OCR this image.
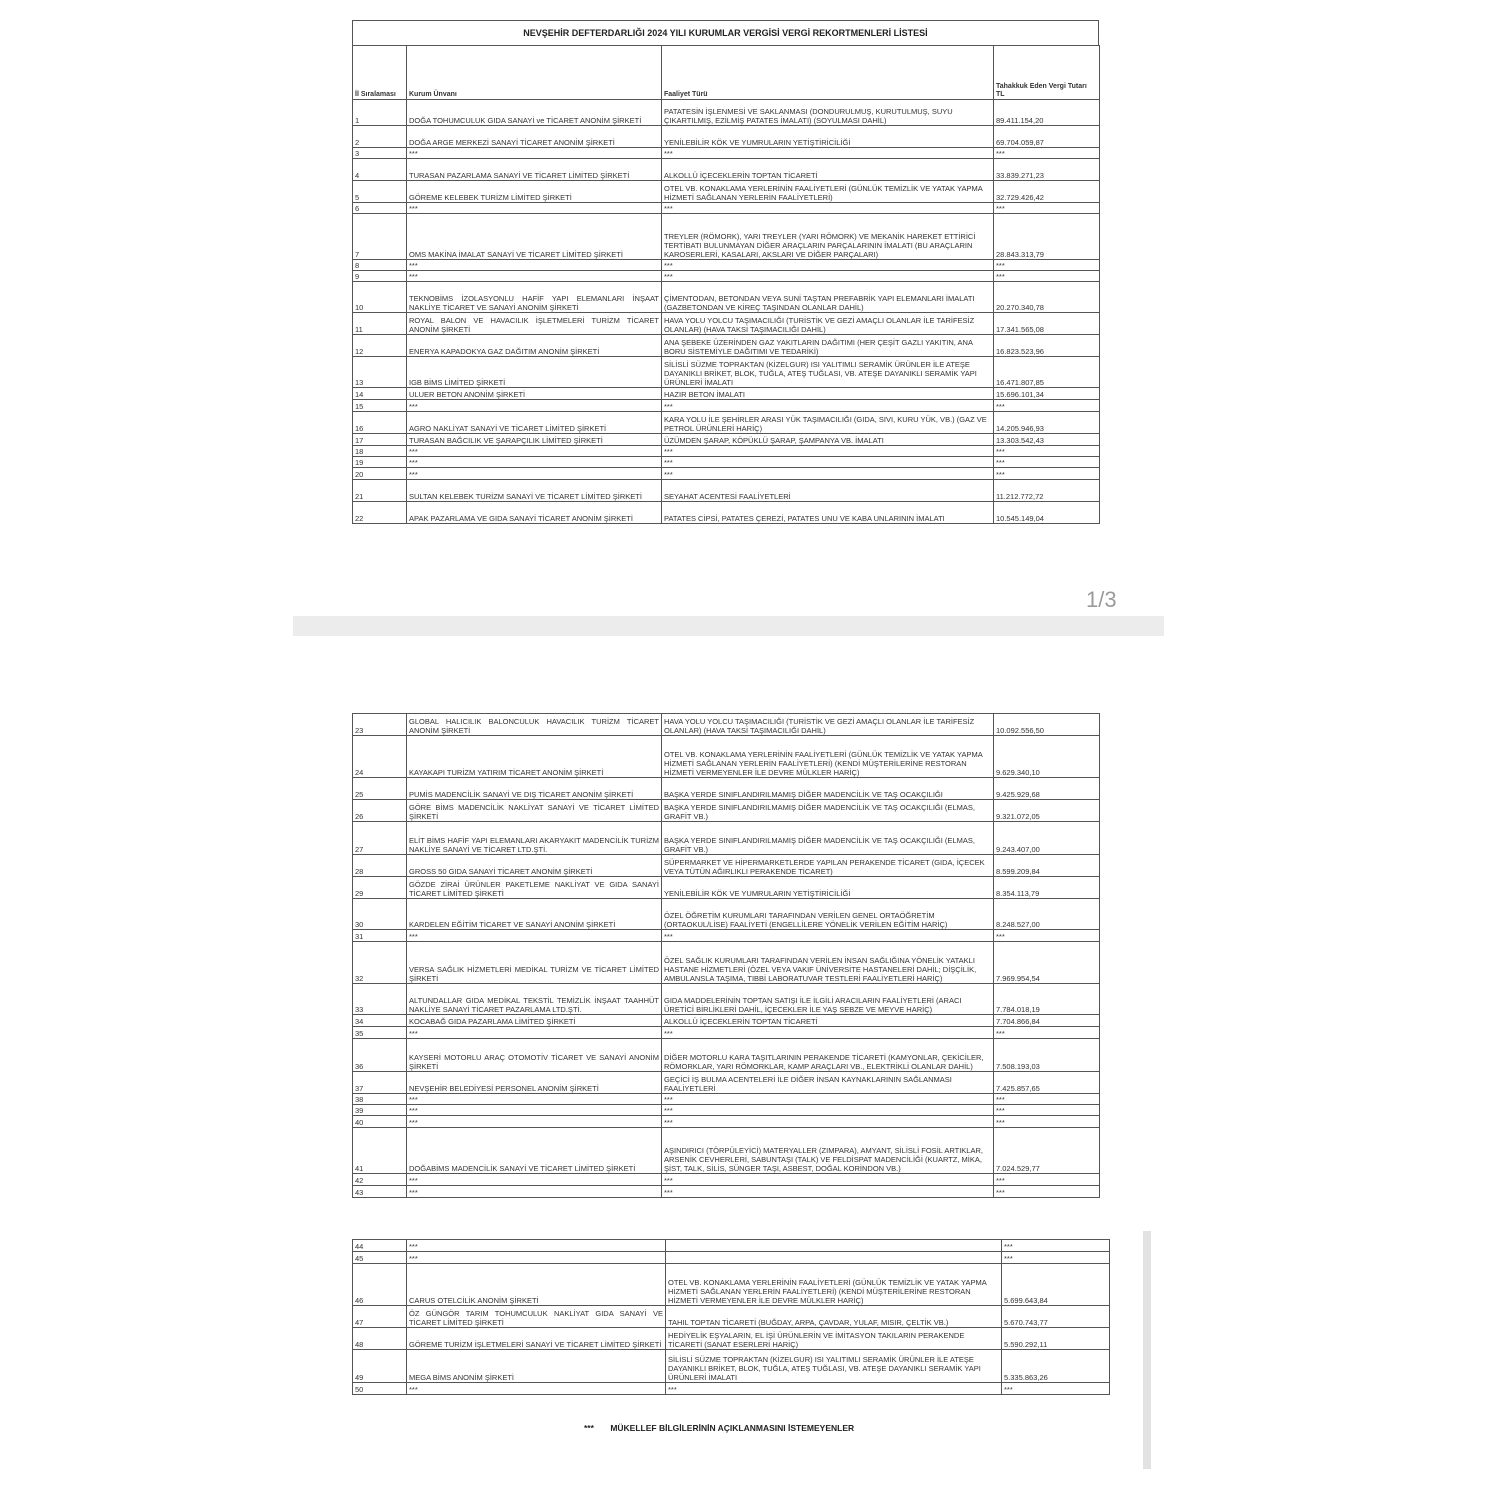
NEVŞEHİR DEFTERDARLIĞI 2024 YILI KURUMLAR VERGİSİ VERGİ REKORTMENLERİ LİSTESİ
İl Sıralaması	Kurum Ünvanı	Faaliyet Türü	Tahakkuk Eden Vergi Tutarı TL
1	DOĞA TOHUMCULUK GIDA SANAYİ ve TİCARET ANONİM ŞİRKETİ	PATATESİN İŞLENMESİ VE SAKLANMASI (DONDURULMUŞ, KURUTULMUŞ, SUYU ÇIKARTILMIŞ, EZİLMİŞ PATATES İMALATI) (SOYULMASI DAHİL)	89.411.154,20
2	DOĞA ARGE MERKEZİ SANAYİ TİCARET ANONİM ŞİRKETİ	YENİLEBİLİR KÖK VE YUMRULARIN YETİŞTİRİCİLİĞİ	69.704.059,87
3	***	***	***
4	TURASAN PAZARLAMA SANAYİ VE TİCARET LİMİTED ŞİRKETİ	ALKOLLÜ İÇECEKLERİN TOPTAN TİCARETİ	33.839.271,23
5	GÖREME KELEBEK TURİZM LİMİTED ŞİRKETİ	OTEL VB. KONAKLAMA YERLERİNİN FAALİYETLERİ (GÜNLÜK TEMİZLİK VE YATAK YAPMA HİZMETİ SAĞLANAN YERLERİN FAALİYETLERİ)	32.729.426,42
6	***	***	***
7	OMS MAKİNA İMALAT SANAYİ VE TİCARET LİMİTED ŞİRKETİ	TREYLER (RÖMORK), YARI TREYLER (YARI RÖMORK) VE MEKANİK HAREKET ETTİRİCİ TERTİBATI BULUNMAYAN DİĞER ARAÇLARIN PARÇALARININ İMALATI (BU ARAÇLARIN KAROSERLERİ, KASALARI, AKSLARI VE DİĞER PARÇALARI)	28.843.313,79
8	***	***	***
9	***	***	***
10	TEKNOBİMS İZOLASYONLU HAFİF YAPI ELEMANLARI İNŞAAT NAKLİYE TİCARET VE SANAYİ ANONİM ŞİRKETİ	ÇİMENTODAN, BETONDAN VEYA SUNİ TAŞTAN PREFABRİK YAPI ELEMANLARI İMALATI (GAZBETONDAN VE KİREÇ TAŞINDAN OLANLAR DAHİL)	20.270.340,78
11	ROYAL BALON VE HAVACILIK İŞLETMELERİ TURİZM TİCARET ANONİM ŞİRKETİ	HAVA YOLU YOLCU TAŞIMACILIĞI (TURİSTİK VE GEZİ AMAÇLI OLANLAR İLE TARİFESİZ OLANLAR) (HAVA TAKSİ TAŞIMACILIĞI DAHİL)	17.341.565,08
12	ENERYA KAPADOKYA GAZ DAĞITIM ANONİM ŞİRKETİ	ANA ŞEBEKE ÜZERİNDEN GAZ YAKITLARIN DAĞITIMI (HER ÇEŞİT GAZLI YAKITIN, ANA BORU SİSTEMİYLE DAĞITIMI VE TEDARİKİ)	16.823.523,96
13	IGB BİMS LİMİTED ŞİRKETİ	SİLİSLİ SÜZME TOPRAKTAN (KİZELGUR) ISI YALITIMLI SERAMİK ÜRÜNLER İLE ATEŞE DAYANIKLI BRİKET, BLOK, TUĞLA, ATEŞ TUĞLASI, VB. ATEŞE DAYANIKLI SERAMİK YAPI ÜRÜNLERİ İMALATI	16.471.807,85
14	ULUER BETON ANONİM ŞİRKETİ	HAZIR BETON İMALATI	15.696.101,34
15	***	***	***
16	AGRO NAKLİYAT SANAYİ VE TİCARET LİMİTED ŞİRKETİ	KARA YOLU İLE ŞEHİRLER ARASI YÜK TAŞIMACILIĞI (GIDA, SIVI, KURU YÜK, VB.) (GAZ VE PETROL ÜRÜNLERİ HARİÇ)	14.205.946,93
17	TURASAN BAĞCILIK VE ŞARAPÇILIK LİMİTED ŞİRKETİ	ÜZÜMDEN ŞARAP, KÖPÜKLÜ ŞARAP, ŞAMPANYA VB. İMALATI	13.303.542,43
18	***	***	***
19	***	***	***
20	***	***	***
21	SULTAN KELEBEK TURİZM SANAYİ VE TİCARET LİMİTED ŞİRKETİ	SEYAHAT ACENTESİ FAALİYETLERİ	11.212.772,72
22	APAK PAZARLAMA VE GIDA SANAYİ TİCARET ANONİM ŞİRKETİ	PATATES CİPSİ, PATATES ÇEREZİ, PATATES UNU VE KABA UNLARININ İMALATI	10.545.149,04
1/3
23	GLOBAL HALICILIK BALONCULUK HAVACILIK TURİZM TİCARET ANONİM ŞİRKETİ	HAVA YOLU YOLCU TAŞIMACILIĞI (TURİSTİK VE GEZİ AMAÇLI OLANLAR İLE TARİFESİZ OLANLAR) (HAVA TAKSİ TAŞIMACILIĞI DAHİL)	10.092.556,50
24	KAYAKAPI TURİZM YATIRIM TİCARET ANONİM ŞİRKETİ	OTEL VB. KONAKLAMA YERLERİNİN FAALİYETLERİ (GÜNLÜK TEMİZLİK VE YATAK YAPMA HİZMETİ SAĞLANAN YERLERİN FAALİYETLERİ) (KENDİ MÜŞTERİLERİNE RESTORAN HİZMETİ VERMEYENLER İLE DEVRE MÜLKLER HARİÇ)	9.629.340,10
25	PUMİS MADENCİLİK SANAYİ VE DIŞ TİCARET ANONİM ŞİRKETİ	BAŞKA YERDE SINIFLANDIRILMAMIŞ DİĞER MADENCİLİK VE TAŞ OCAKÇILIĞI	9.425.929,68
26	GÖRE BİMS MADENCİLİK NAKLİYAT SANAYİ VE TİCARET LİMİTED ŞİRKETİ	BAŞKA YERDE SINIFLANDIRILMAMIŞ DİĞER MADENCİLİK VE TAŞ OCAKÇILIĞI (ELMAS, GRAFİT VB.)	9.321.072,05
27	ELİT BİMS HAFİF YAPI ELEMANLARI AKARYAKIT MADENCİLİK TURİZM NAKLİYE SANAYİ VE TİCARET LTD.ŞTİ.	BAŞKA YERDE SINIFLANDIRILMAMIŞ DİĞER MADENCİLİK VE TAŞ OCAKÇILIĞI (ELMAS, GRAFİT VB.)	9.243.407,00
28	GROSS 50 GIDA SANAYİ TİCARET ANONİM ŞİRKETİ	SÜPERMARKET VE HİPERMARKETLERDE YAPILAN PERAKENDE TİCARET (GIDA, İÇECEK VEYA TÜTÜN AĞIRLIKLI PERAKENDE TİCARET)	8.599.209,84
29	GÖZDE ZİRAİ ÜRÜNLER PAKETLEME NAKLİYAT VE GIDA SANAYİ TİCARET LİMİTED ŞİRKETİ	YENİLEBİLİR KÖK VE YUMRULARIN YETİŞTİRİCİLİĞİ	8.354.113,79
30	KARDELEN EĞİTİM TİCARET VE SANAYİ ANONİM ŞİRKETİ	ÖZEL ÖĞRETİM KURUMLARI TARAFINDAN VERİLEN GENEL ORTAÖĞRETİM (ORTAOKUL/LİSE) FAALİYETİ (ENGELLİLERE YÖNELİK VERİLEN EĞİTİM HARİÇ)	8.248.527,00
31	***	***	***
32	VERSA SAĞLIK HİZMETLERİ MEDİKAL TURİZM VE TİCARET LİMİTED ŞİRKETİ	ÖZEL SAĞLIK KURUMLARI TARAFINDAN VERİLEN İNSAN SAĞLIĞINA YÖNELİK YATAKLI HASTANE HİZMETLERİ (ÖZEL VEYA VAKIF ÜNİVERSİTE HASTANELERİ DAHİL; DİŞÇİLİK, AMBULANSLA TAŞIMA, TIBBİ LABORATUVAR TESTLERİ FAALİYETLERİ HARİÇ)	7.969.954,54
33	ALTUNDALLAR GIDA MEDİKAL TEKSTİL TEMİZLİK İNŞAAT TAAHHÜT NAKLİYE SANAYİ TİCARET PAZARLAMA LTD.ŞTİ.	GIDA MADDELERİNİN TOPTAN SATIŞI İLE İLGİLİ ARACILARIN FAALİYETLERİ (ARACI ÜRETİCİ BİRLİKLERİ DAHİL, İÇECEKLER İLE YAŞ SEBZE VE MEYVE HARİÇ)	7.784.018,19
34	KOCABAĞ GIDA PAZARLAMA LİMİTED ŞİRKETİ	ALKOLLÜ İÇECEKLERİN TOPTAN TİCARETİ	7.704.866,84
35	***	***	***
36	KAYSERİ MOTORLU ARAÇ OTOMOTİV TİCARET VE SANAYİ ANONİM ŞİRKETİ	DİĞER MOTORLU KARA TAŞITLARININ PERAKENDE TİCARETİ (KAMYONLAR, ÇEKİCİLER, RÖMORKLAR, YARI RÖMORKLAR, KAMP ARAÇLARI VB., ELEKTRİKLİ OLANLAR DAHİL)	7.508.193,03
37	NEVŞEHİR BELEDİYESİ PERSONEL ANONİM ŞİRKETİ	GEÇİCİ İŞ BULMA ACENTELERİ İLE DİĞER İNSAN KAYNAKLARININ SAĞLANMASI FAALİYETLERİ	7.425.857,65
38	***	***	***
39	***	***	***
40	***	***	***
41	DOĞABİMS MADENCİLİK SANAYİ VE TİCARET LİMİTED ŞİRKETİ	AŞINDIRICI (TÖRPÜLEYİCİ) MATERYALLER (ZIMPARA), AMYANT, SİLİSLİ FOSİL ARTIKLAR, ARSENİK CEVHERLERİ, SABUNTAŞI (TALK) VE FELDİSPAT MADENCİLİĞİ (KUARTZ, MİKA, ŞİST, TALK, SİLİS, SÜNGER TAŞI, ASBEST, DOĞAL KORİNDON VB.)	7.024.529,77
42	***	***	***
43	***	***	***
44	***		***
45	***		***
46	CARUS OTELCİLİK ANONİM ŞİRKETİ	OTEL VB. KONAKLAMA YERLERİNİN FAALİYETLERİ (GÜNLÜK TEMİZLİK VE YATAK YAPMA HİZMETİ SAĞLANAN YERLERİN FAALİYETLERİ) (KENDİ MÜŞTERİLERİNE RESTORAN HİZMETİ VERMEYENLER İLE DEVRE MÜLKLER HARİÇ)	5.699.643,84
47	ÖZ GÜNGÖR TARIM TOHUMCULUK NAKLİYAT GIDA SANAYİ VE TİCARET LİMİTED ŞİRKETİ	TAHIL TOPTAN TİCARETİ (BUĞDAY, ARPA, ÇAVDAR, YULAF, MISIR, ÇELTİK VB.)	5.670.743,77
48	GÖREME TURİZM İŞLETMELERİ SANAYİ VE TİCARET LİMİTED ŞİRKETİ	HEDİYELİK EŞYALARIN, EL İŞİ ÜRÜNLERİN VE İMİTASYON TAKILARIN PERAKENDE TİCARETİ (SANAT ESERLERİ HARİÇ)	5.590.292,11
49	MEGA BİMS ANONİM ŞİRKETİ	SİLİSLİ SÜZME TOPRAKTAN (KİZELGUR) ISI YALITIMLI SERAMİK ÜRÜNLER İLE ATEŞE DAYANIKLI BRİKET, BLOK, TUĞLA, ATEŞ TUĞLASI, VB. ATEŞE DAYANIKLI SERAMİK YAPI ÜRÜNLERİ İMALATI	5.335.863,26
50	***	***	***
*** MÜKELLEF BİLGİLERİNİN AÇIKLANMASINI İSTEMEYENLER
